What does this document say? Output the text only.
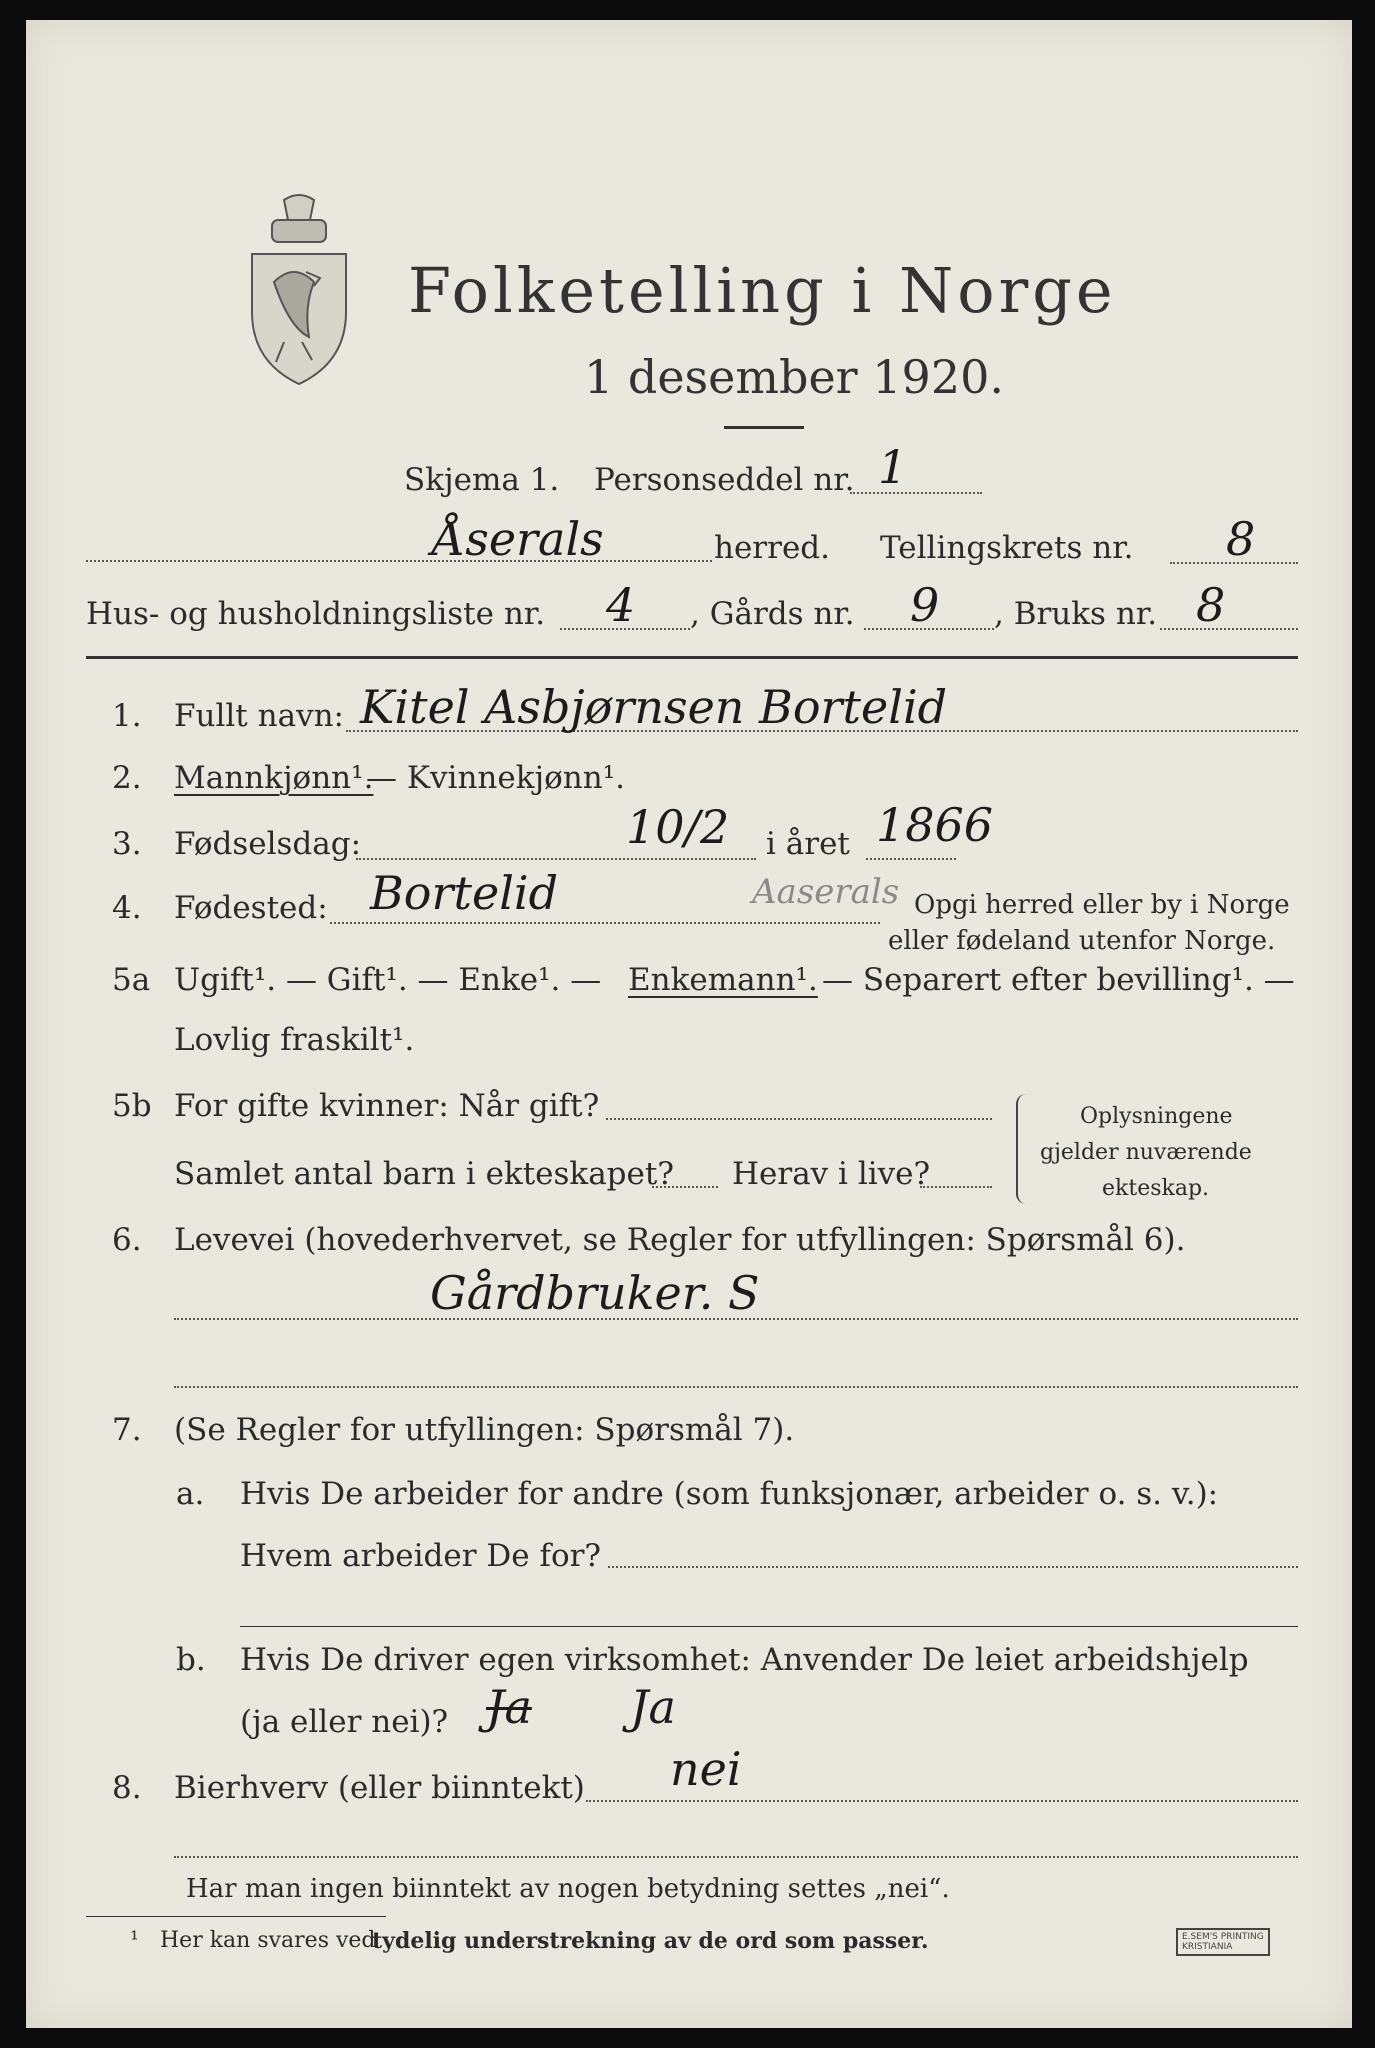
Folketelling i Norge
1 desember 1920.
Skjema 1. Personseddel nr. 1
Åserals	herred. Tellingskrets nr. 8
Hus- og husholdningsliste nr. 4 , Gårds nr. 9 , Bruks nr. 8
1. Fullt navn: Kitel Asbjørnsen Bortelid
2. Mannkjønn¹.
— Kvinnekjønn¹.
3. Fødselsdag:	10/2 i året 1866
4. Fødested: Bortelid	Aaserals Opgi herred eller by i Norge
eller fødeland utenfor Norge.
5a Ugift¹. — Gift¹. — Enke¹. — Enkemann¹. — Separert efter bevilling¹. —
Lovlig fraskilt¹.
5b For gifte kvinner: Når gift?
Samlet antal barn i ekteskapet? Herav i live?
Oplysningene
gjelder nuværende
ekteskap.
6. Levevei (hovederhvervet, se Regler for utfyllingen: Spørsmål 6).
Gårdbruker. S
7. (Se Regler for utfyllingen: Spørsmål 7).
a. Hvis De arbeider for andre (som funksjonær, arbeider o. s. v.):
Hvem arbeider De for?
b. Hvis De driver egen virksomhet: Anvender De leiet arbeidshjelp
(ja eller nei)? Ja Ja
8. Bierhverv (eller biinntekt) nei
Har man ingen biinntekt av nogen betydning settes „nei“.
¹ Her kan svares ved
tydelig understrekning av de ord som passer.	E.SEM'S PRINTING
KRISTIANIA
